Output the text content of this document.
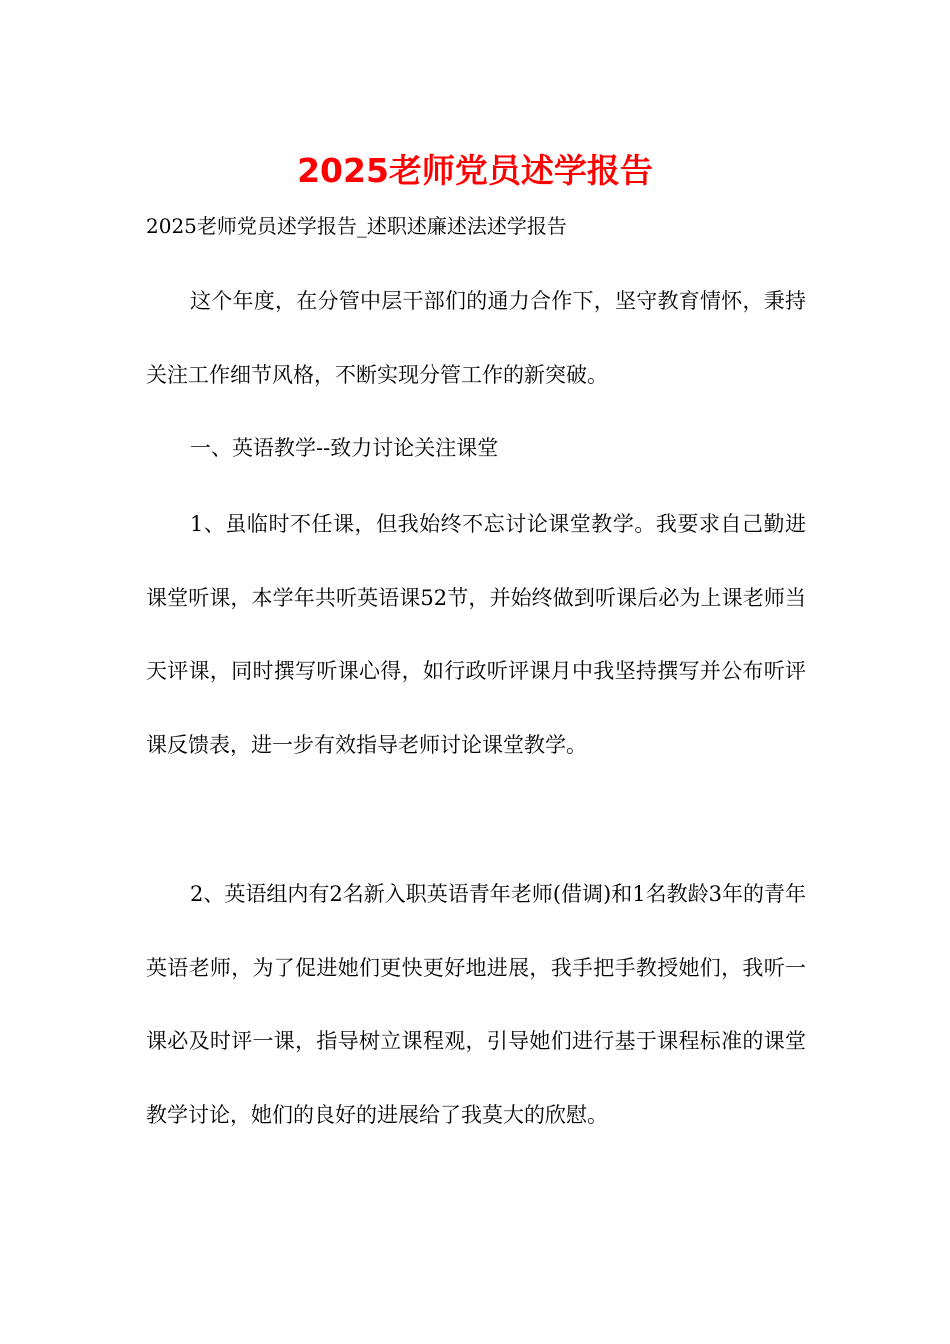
2025老师党员述学报告
2025老师党员述学报告_述职述廉述法述学报告

这个年度，在分管中层干部们的通力合作下，坚守教育情怀，秉持关注工作细节风格，不断实现分管工作的新突破。

一、英语教学--致力讨论关注课堂

1、虽临时不任课，但我始终不忘讨论课堂教学。我要求自己勤进课堂听课，本学年共听英语课52节，并始终做到听课后必为上课老师当天评课，同时撰写听课心得，如行政听评课月中我坚持撰写并公布听评课反馈表，进一步有效指导老师讨论课堂教学。

2、英语组内有2名新入职英语青年老师(借调)和1名教龄3年的青年英语老师，为了促进她们更快更好地进展，我手把手教授她们，我听一课必及时评一课，指导树立课程观，引导她们进行基于课程标准的课堂教学讨论，她们的良好的进展给了我莫大的欣慰。
